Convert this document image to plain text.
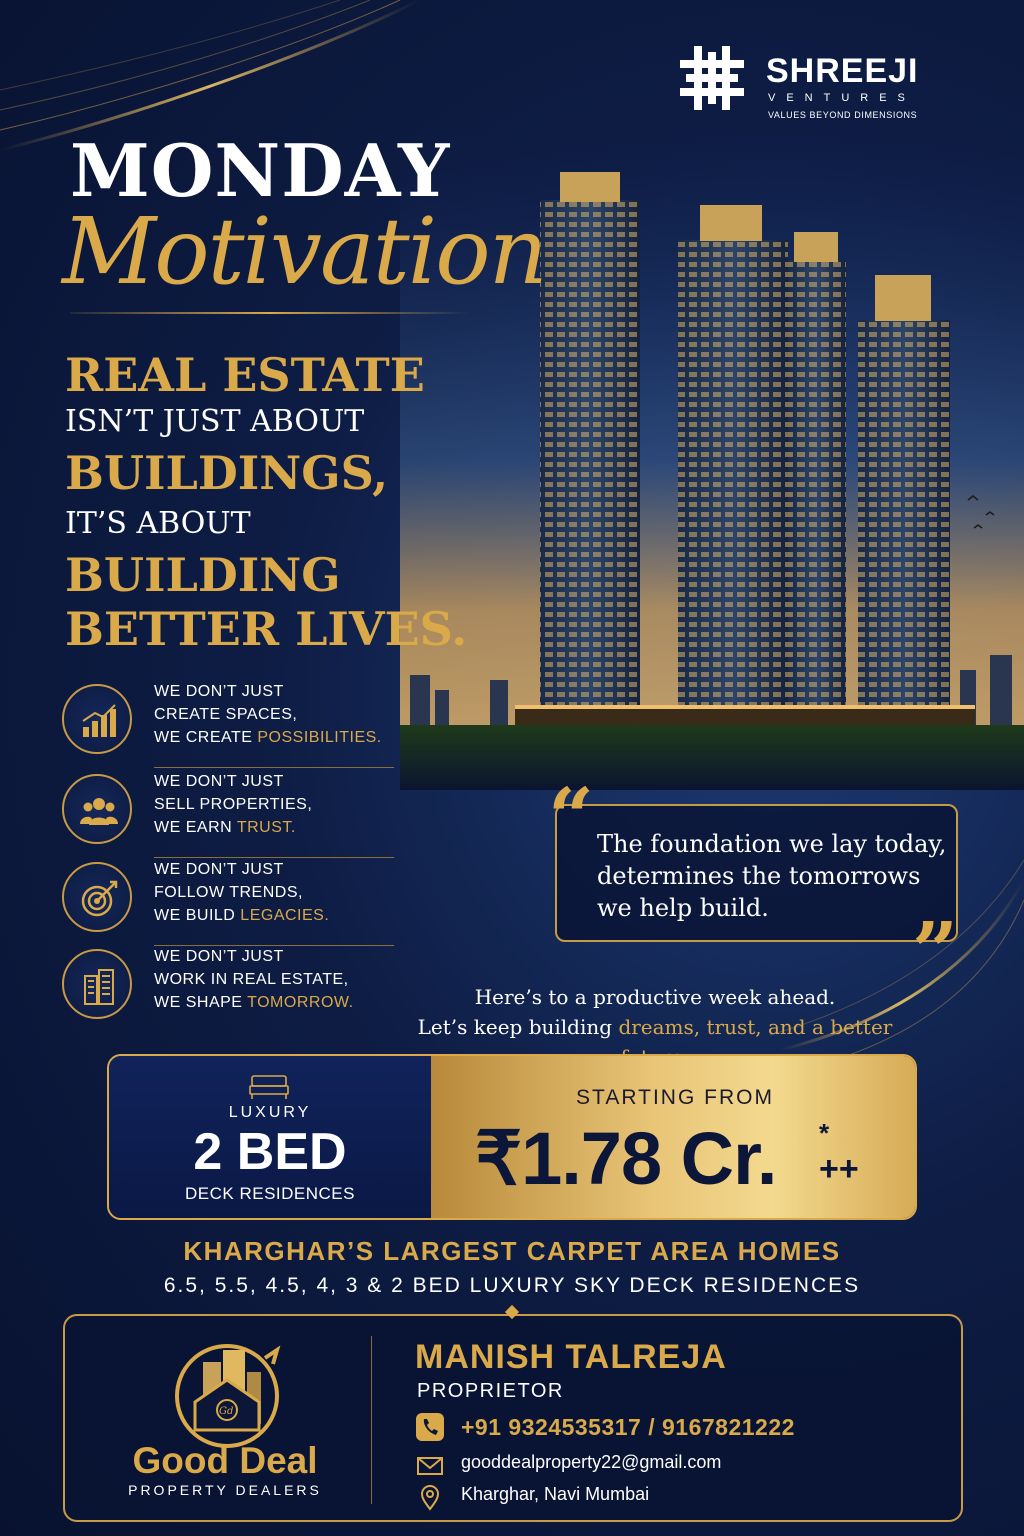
SHREEJI
VENTURES
VALUES BEYOND DIMENSIONS
MONDAY
Motivation
REAL ESTATE
ISN’T JUST ABOUT
BUILDINGS,
IT’S ABOUT
BUILDING
BETTER LIVES.
WE DON’T JUST
CREATE SPACES,
WE CREATE POSSIBILITIES.
WE DON’T JUST
SELL PROPERTIES,
WE EARN TRUST.
WE DON’T JUST
FOLLOW TRENDS,
WE BUILD LEGACIES.
WE DON’T JUST
WORK IN REAL ESTATE,
WE SHAPE TOMORROW.
The foundation we lay today, determines the tomorrows we help build.
“
”
Here’s to a productive week ahead.
Let’s keep building dreams, trust, and a better
LUXURY
2 BED
DECK RESIDENCES
STARTING FROM
₹1.78 Cr. *
++
KHARGHAR’S LARGEST CARPET AREA HOMES
6.5, 5.5, 4.5, 4, 3 & 2 BED LUXURY SKY DECK RESIDENCES
Gd
Good Deal
PROPERTY DEALERS
MANISH TALREJA
PROPRIETOR
+91 9324535317 / 9167821222
gooddealproperty22@gmail.com
Kharghar, Navi Mumbai
